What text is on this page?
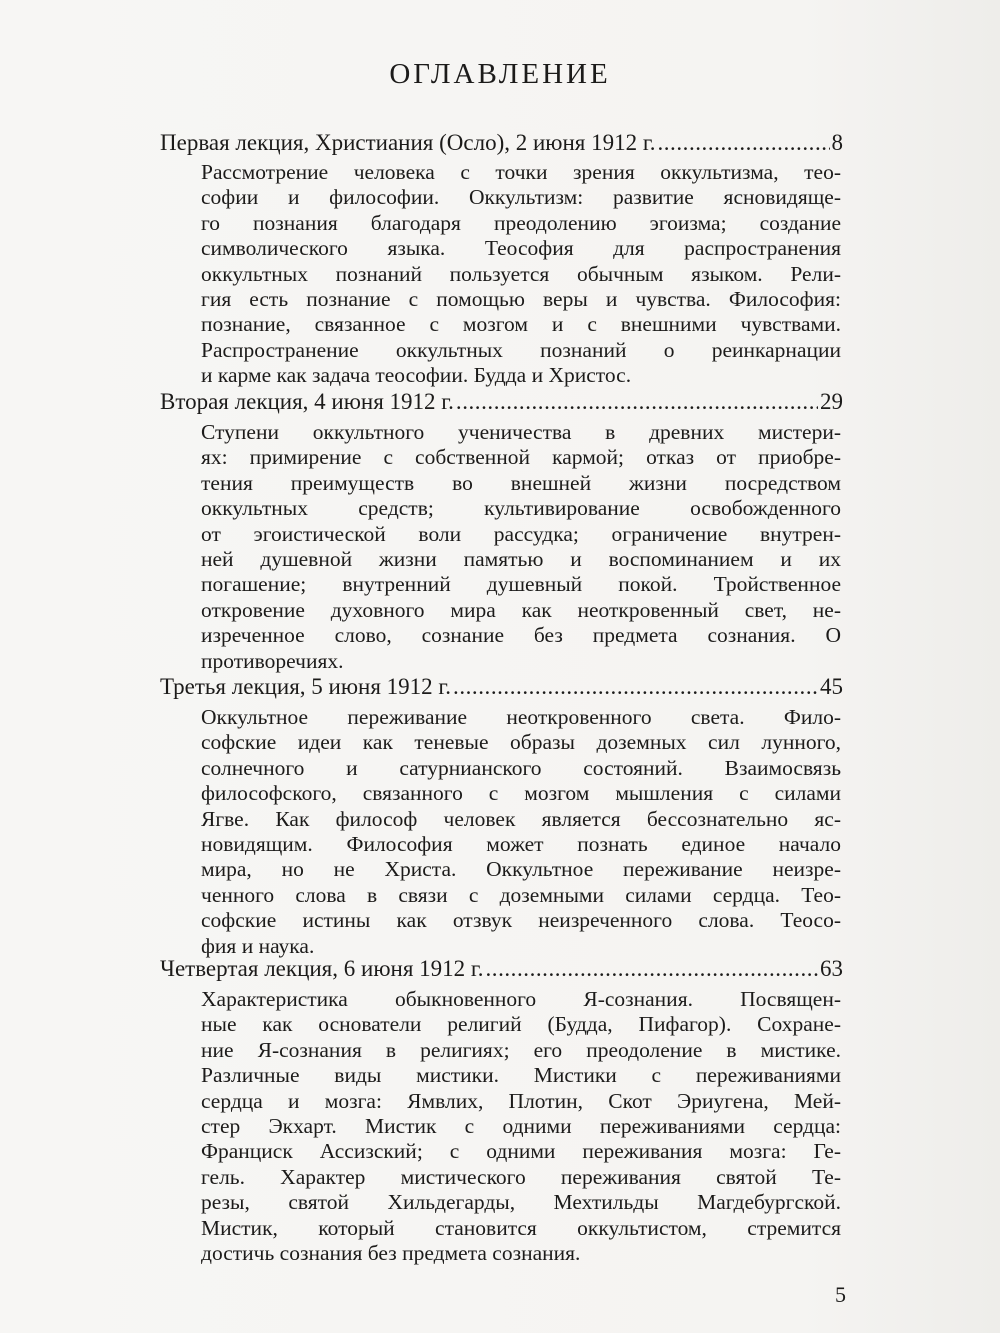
ОГЛАВЛЕНИЕ
Первая лекция, Христиания (Осло), 2 июня 1912 г. . . .	8

Рассмотрение человека с точки зрения оккультизма, тео-
софии и философии. Оккультизм: развитие ясновидяще-
го познания благодаря преодолению эгоизма; создание
символического языка. Теософия для распространения
оккультных познаний пользуется обычным языком. Рели-
гия есть познание с помощью веры и чувства. Философия:
познание, связанное с мозгом и с внешними чувствами.
Распространение оккультных познаний о реинкарнации
и карме как задача теософии. Будда и Христос.

Вторая лекция, 4 июня 1912 г. . . .	29

Ступени оккультного ученичества в древних мистери-
ях: примирение с собственной кармой; отказ от приобре-
тения преимуществ во внешней жизни посредством
оккультных средств; культивирование освобожденного
от эгоистической воли рассудка; ограничение внутрен-
ней душевной жизни памятью и воспоминанием и их
погашение; внутренний душевный покой. Тройственное
откровение духовного мира как неоткровенный свет, не-
изреченное слово, сознание без предмета сознания. О
противоречиях.

Третья лекция, 5 июня 1912 г. . . .	45

Оккультное переживание неоткровенного света. Фило-
софские идеи как теневые образы доземных сил лунного,
солнечного и сатурнианского состояний. Взаимосвязь
философского, связанного с мозгом мышления с силами
Ягве. Как философ человек является бессознательно яс-
новидящим. Философия может познать единое начало
мира, но не Христа. Оккультное переживание неизре-
ченного слова в связи с доземными силами сердца. Тео-
софские истины как отзвук неизреченного слова. Теосо-
фия и наука.

Четвертая лекция, 6 июня 1912 г. . . .	63

Характеристика обыкновенного Я-сознания. Посвящен-
ные как основатели религий (Будда, Пифагор). Сохране-
ние Я-сознания в религиях; его преодоление в мистике.
Различные виды мистики. Мистики с переживаниями
сердца и мозга: Ямвлих, Плотин, Скот Эриугена, Мей-
стер Экхарт. Мистик с одними переживаниями сердца:
Франциск Ассизский; с одними переживания мозга: Ге-
гель. Характер мистического переживания святой Те-
резы, святой Хильдегарды, Мехтильды Магдебургской.
Мистик, который становится оккультистом, стремится
достичь сознания без предмета сознания.

5
